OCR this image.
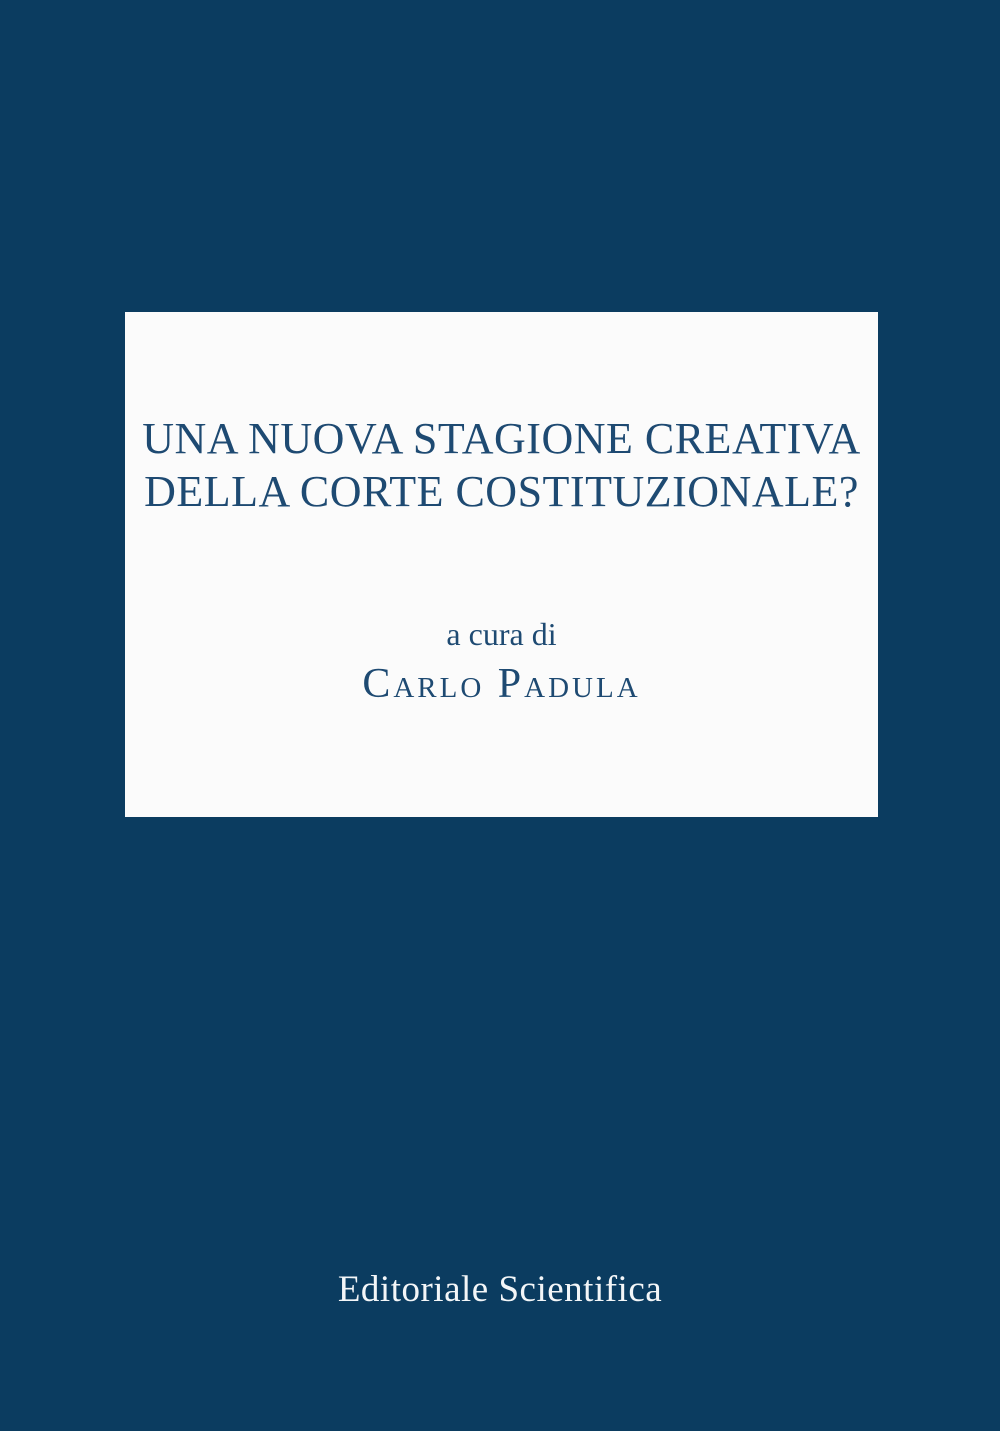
UNA NUOVA STAGIONE CREATIVA
DELLA CORTE COSTITUZIONALE?
a cura di
Carlo Padula

Editoriale Scientifica
